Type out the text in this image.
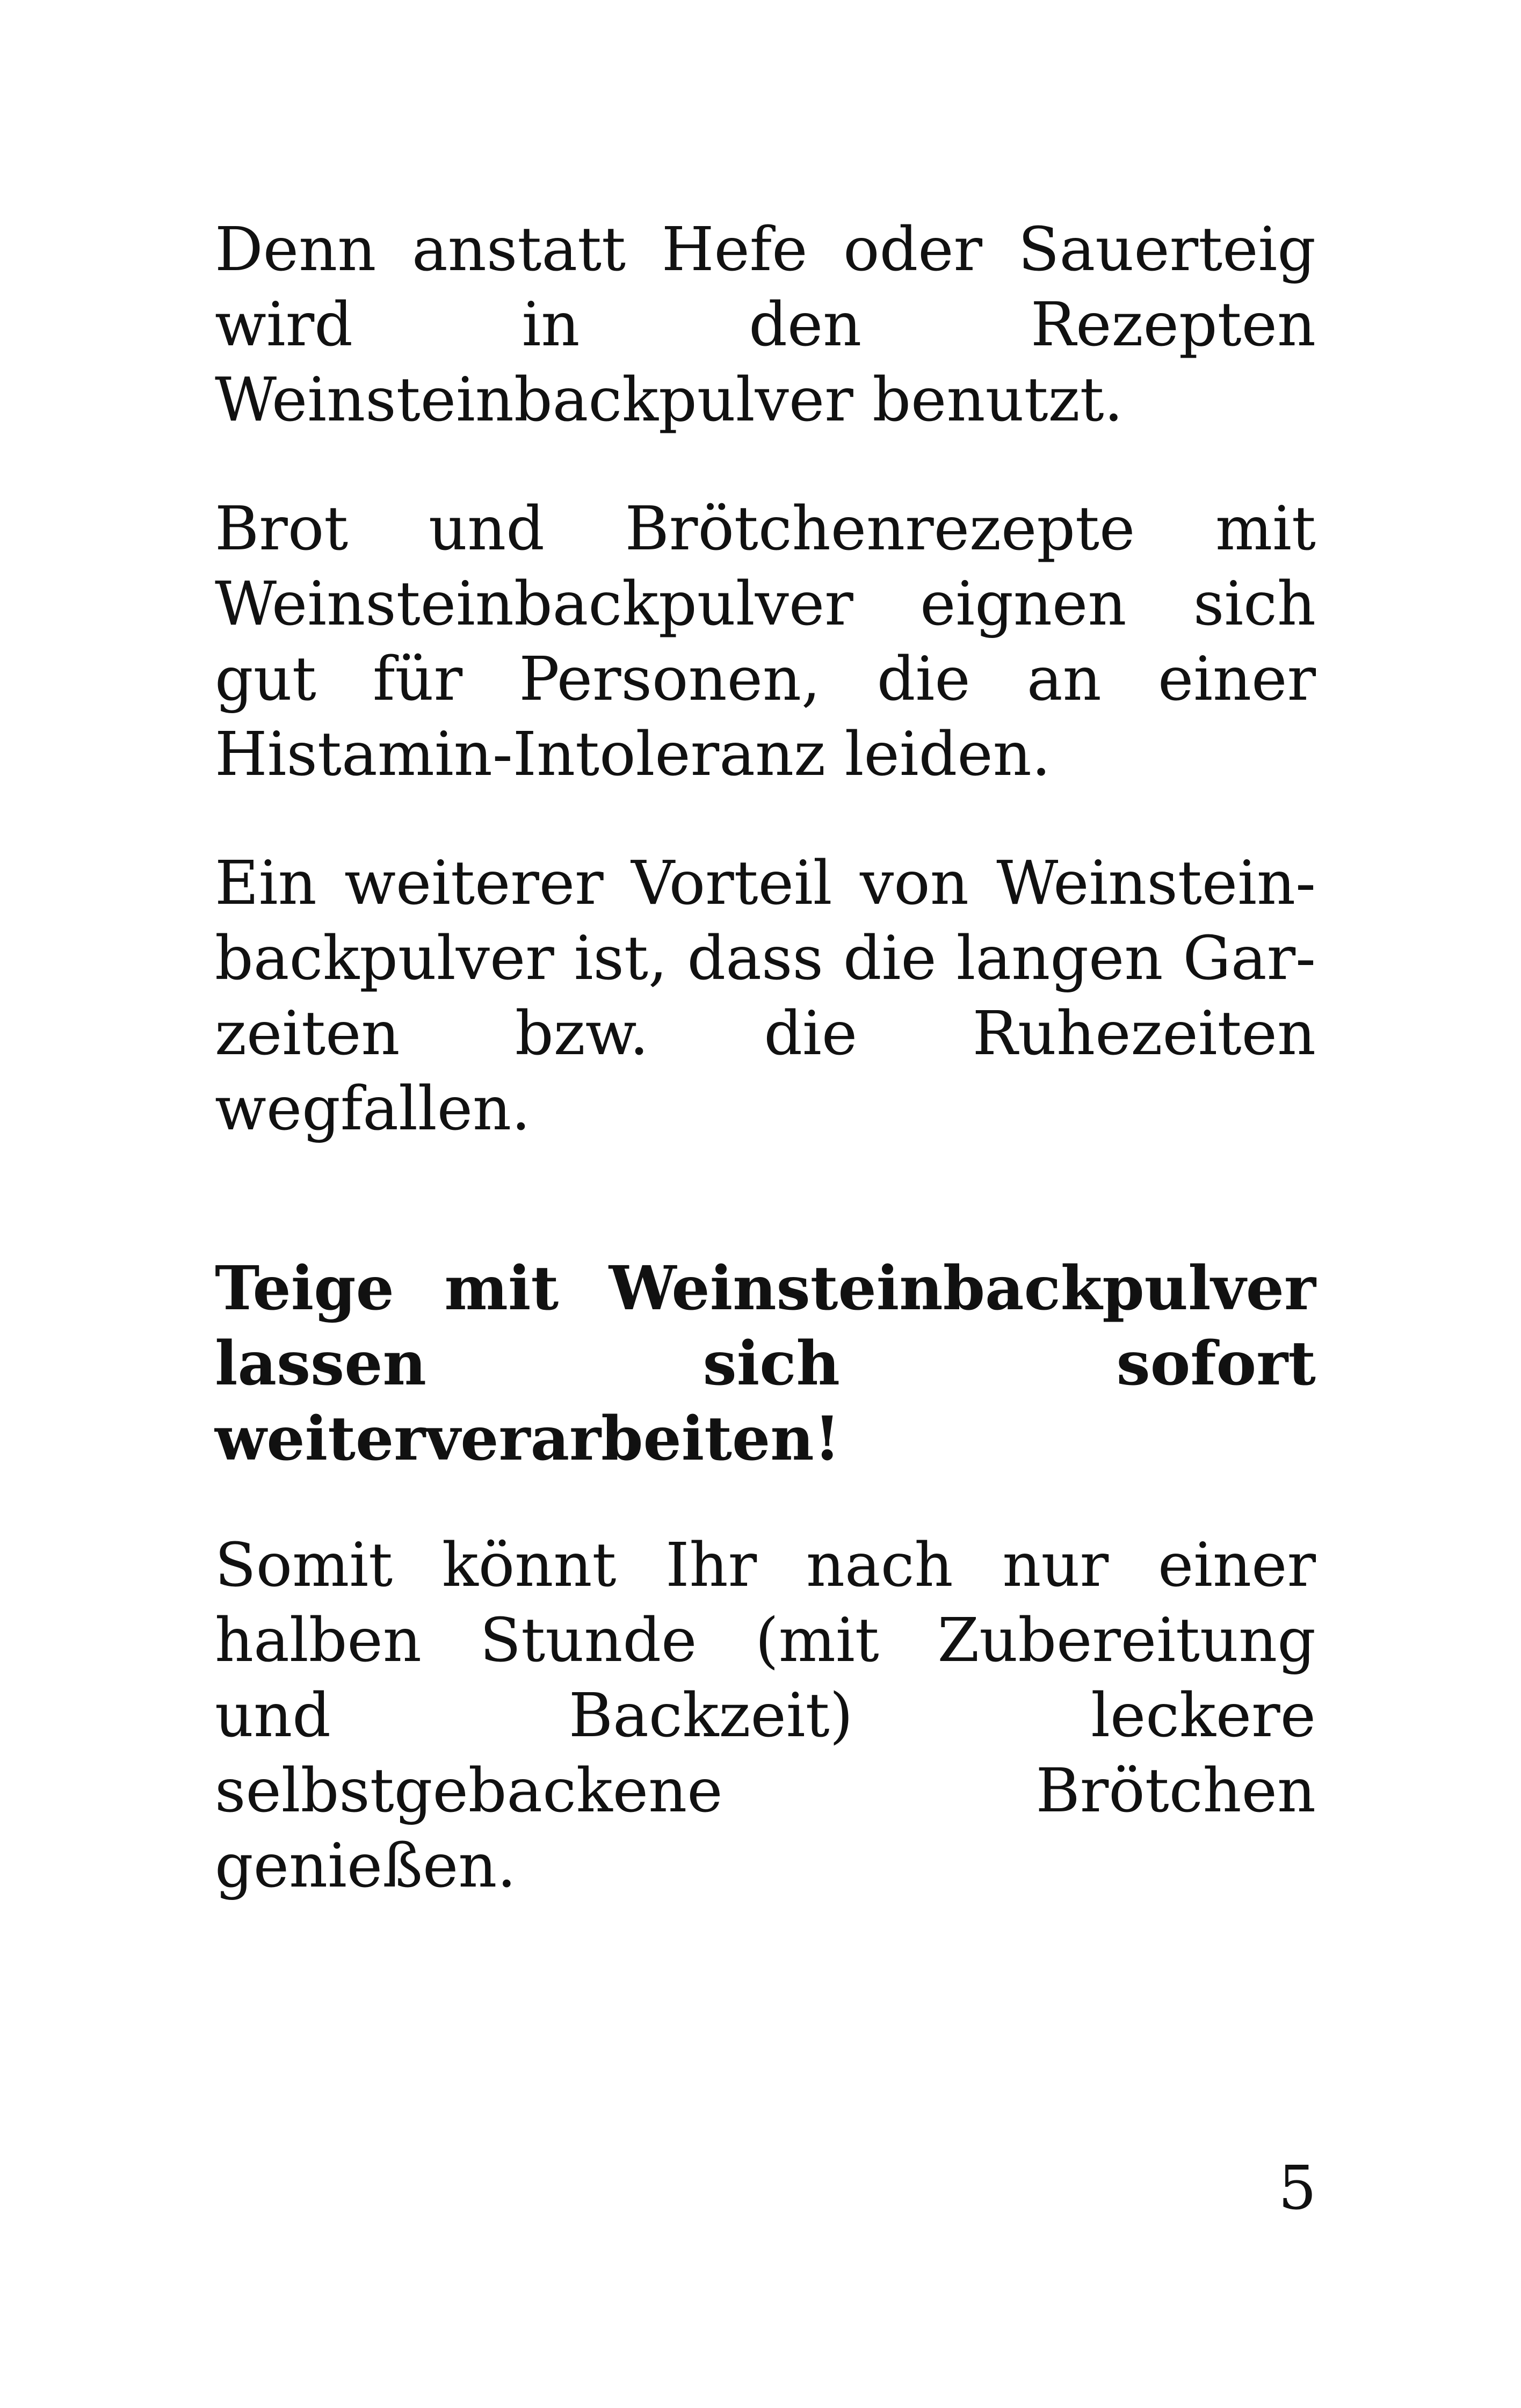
Denn anstatt Hefe oder Sauerteig wird in den Rezepten Weinsteinbackpulver benutzt.

Brot und Brötchenrezepte mit Weinsteinbackpulver eignen sich gut für Personen, die an einer Histamin-Intoleranz leiden.

Ein weiterer Vorteil von Weinstein-backpulver ist, dass die langen Gar-zeiten bzw. die Ruhezeiten wegfallen.

Teige mit Weinsteinbackpulver lassen sich sofort weiterverarbeiten!

Somit könnt Ihr nach nur einer halben Stunde (mit Zubereitung und Backzeit) leckere selbstgebackene Brötchen genießen.

5
